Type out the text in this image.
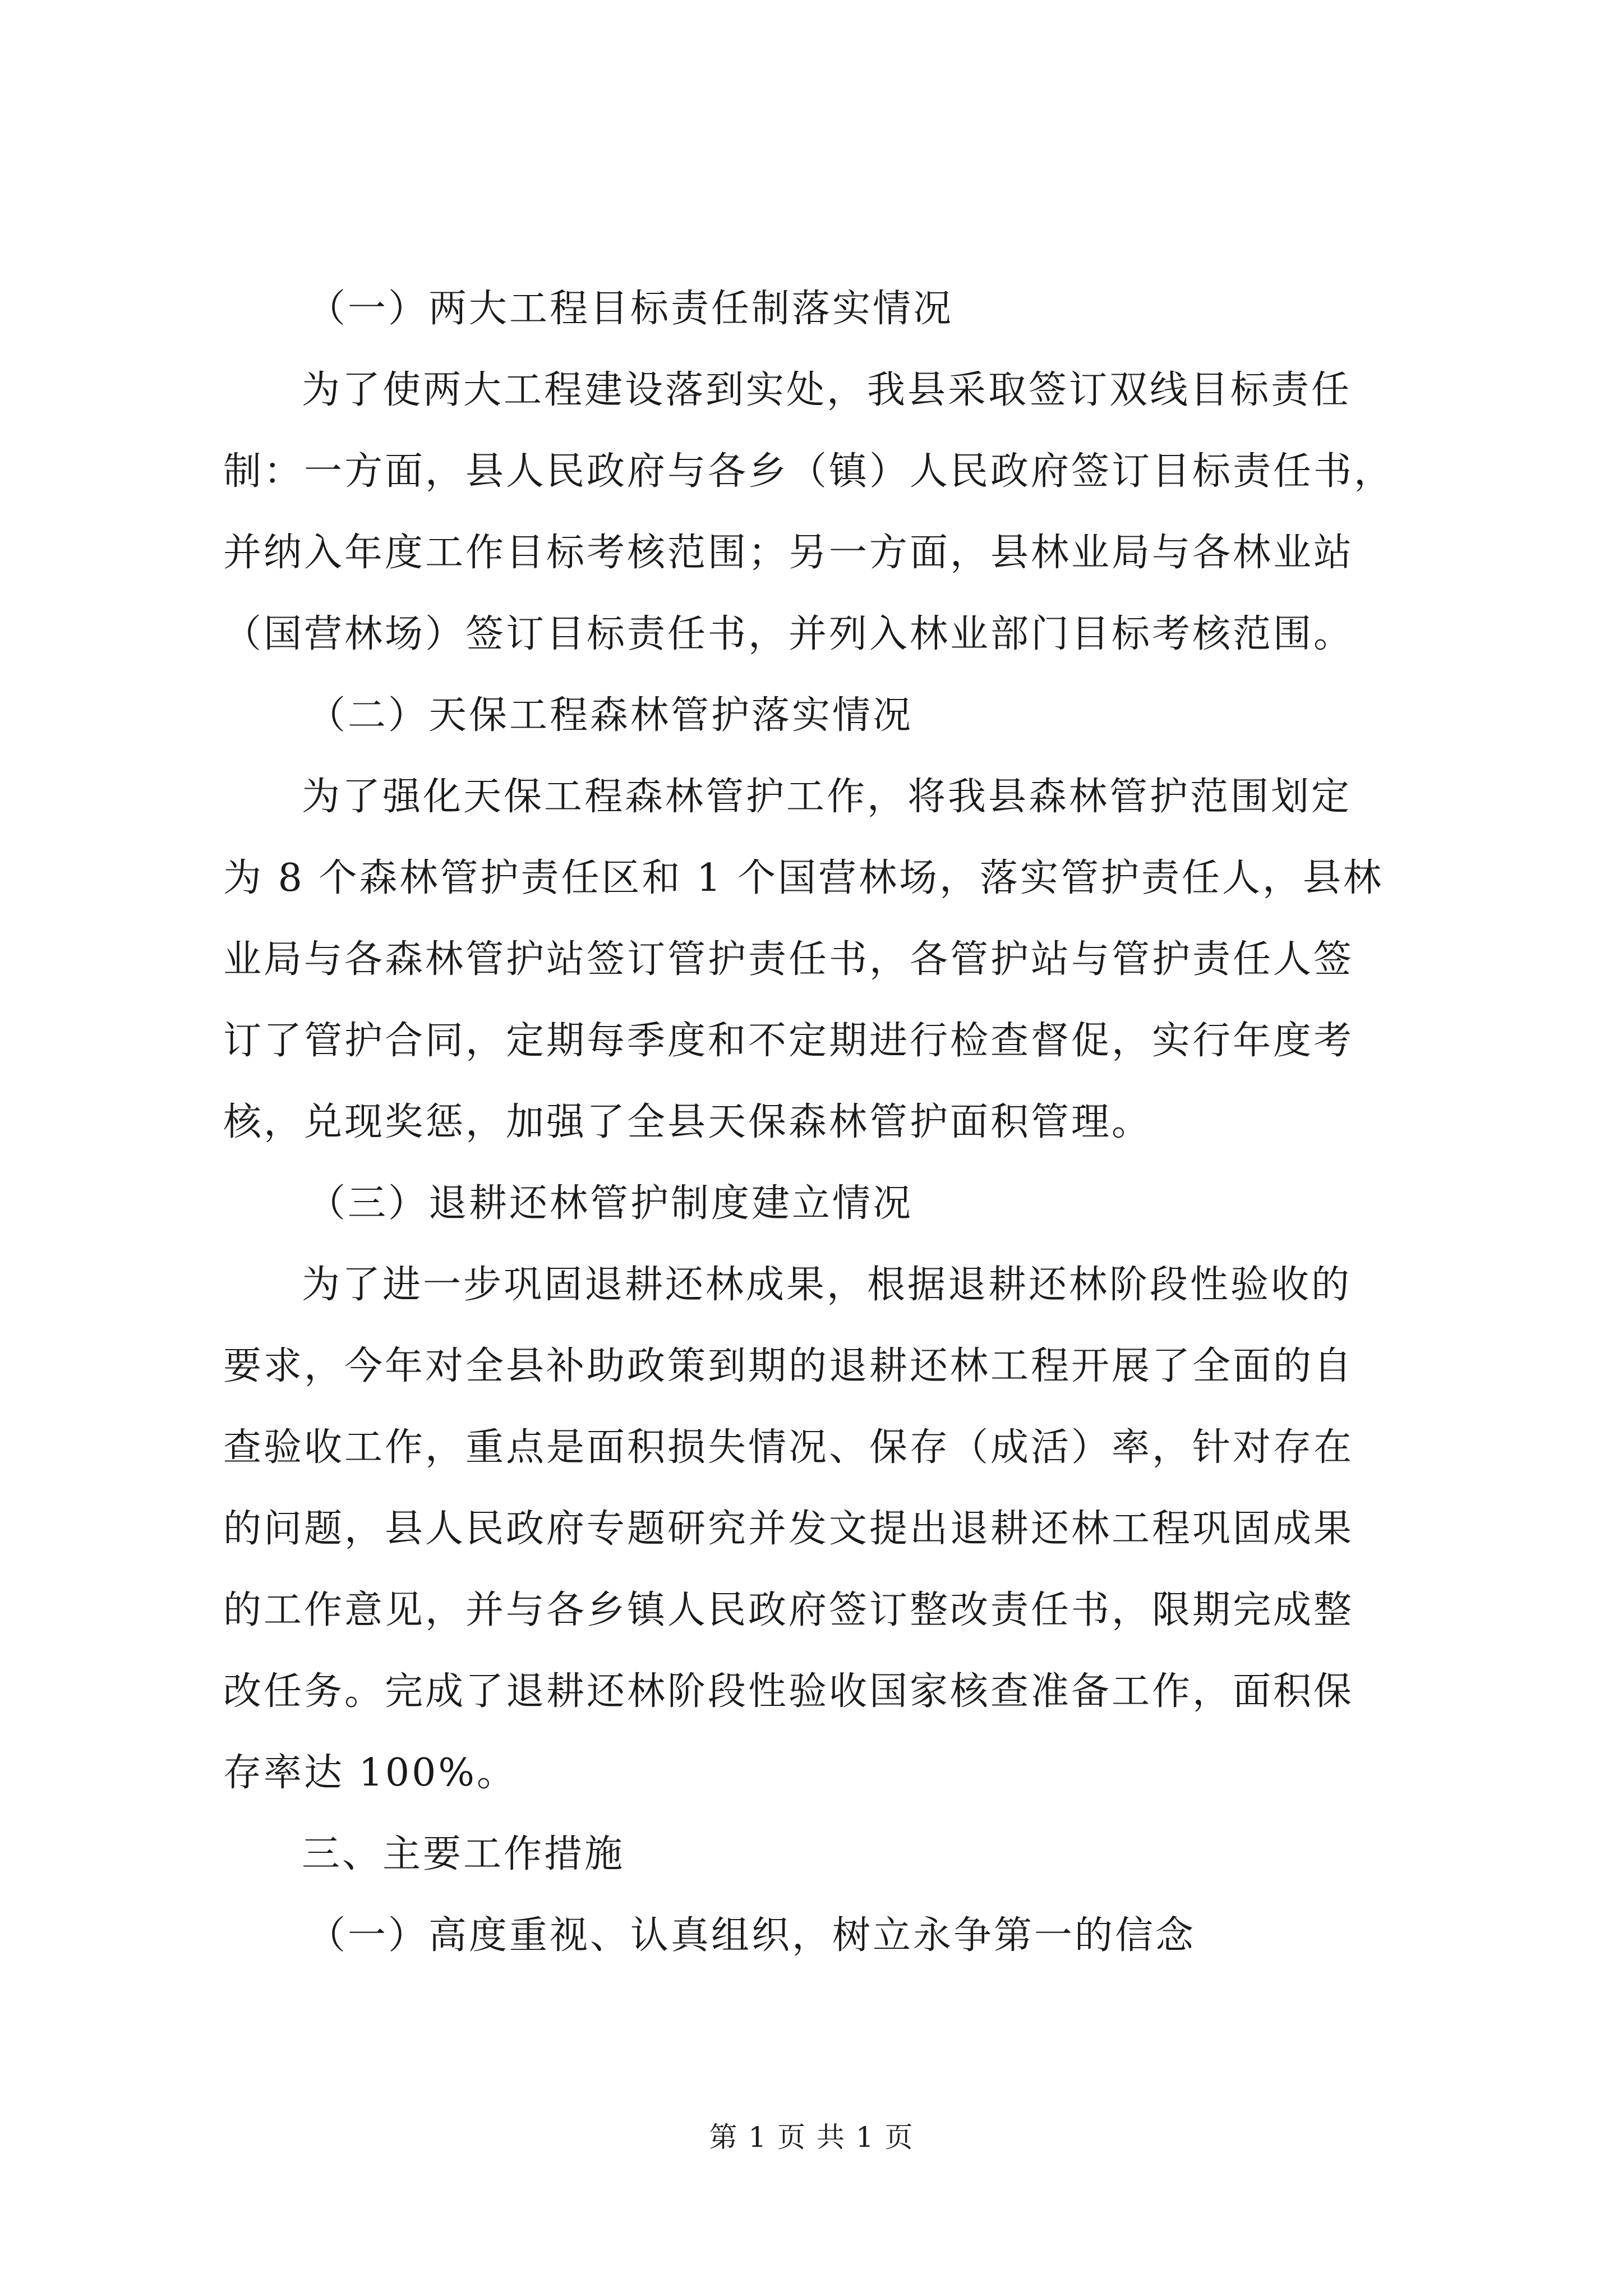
（一）两大工程目标责任制落实情况
为了使两大工程建设落到实处，我县采取签订双线目标责任
制：一方面，县人民政府与各乡（镇）人民政府签订目标责任书，
并纳入年度工作目标考核范围；另一方面，县林业局与各林业站
（国营林场）签订目标责任书，并列入林业部门目标考核范围。
（二）天保工程森林管护落实情况
为了强化天保工程森林管护工作，将我县森林管护范围划定
为 8 个森林管护责任区和 1 个国营林场，落实管护责任人，县林
业局与各森林管护站签订管护责任书，各管护站与管护责任人签
订了管护合同，定期每季度和不定期进行检查督促，实行年度考
核，兑现奖惩，加强了全县天保森林管护面积管理。
（三）退耕还林管护制度建立情况
为了进一步巩固退耕还林成果，根据退耕还林阶段性验收的
要求，今年对全县补助政策到期的退耕还林工程开展了全面的自
查验收工作，重点是面积损失情况、保存（成活）率，针对存在
的问题，县人民政府专题研究并发文提出退耕还林工程巩固成果
的工作意见，并与各乡镇人民政府签订整改责任书，限期完成整
改任务。完成了退耕还林阶段性验收国家核查准备工作，面积保
存率达 100%。
三、主要工作措施
（一）高度重视、认真组织，树立永争第一的信念
第 1 页 共 1 页
